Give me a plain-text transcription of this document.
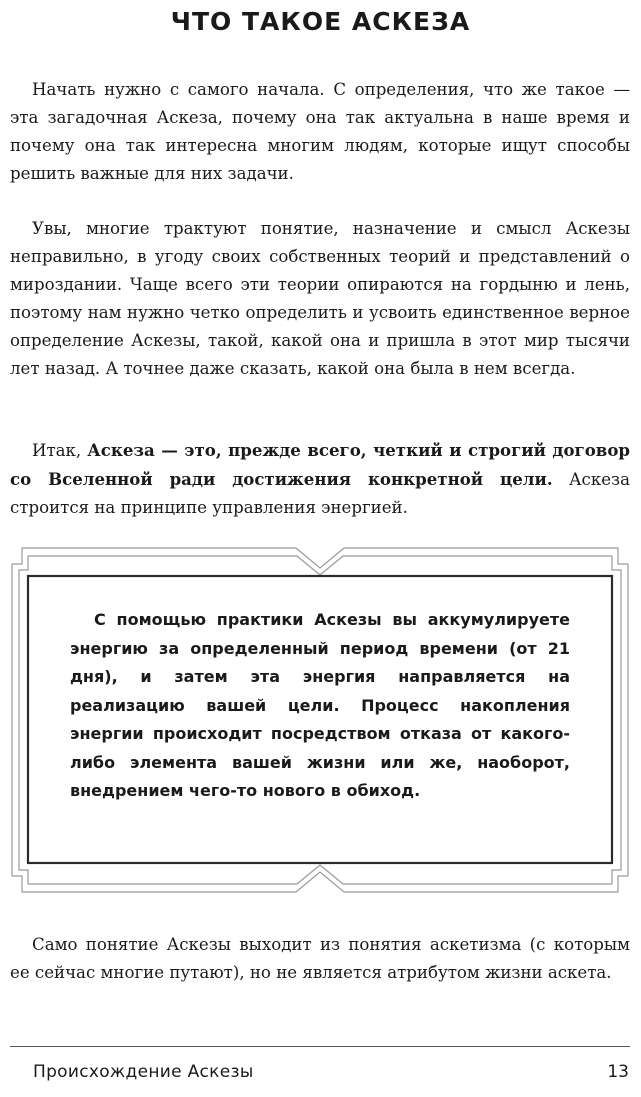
ЧТО ТАКОЕ АСКЕЗА

Начать нужно с самого начала. С определения, что же такое — эта загадочная Аскеза, почему она так актуальна в наше время и почему она так интересна многим людям, которые ищут способы решить важные для них задачи.

Увы, многие трактуют понятие, назначение и смысл Аскезы неправильно, в угоду своих собственных теорий и представлений о мироздании. Чаще всего эти теории опираются на гордыню и лень, поэтому нам нужно четко определить и усвоить единственное верное определение Аскезы, такой, какой она и пришла в этот мир тысячи лет назад. А точнее даже сказать, какой она была в нем всегда.

Итак, Аскеза — это, прежде всего, четкий и строгий договор со Вселенной ради достижения конкретной цели. Аскеза строится на принципе управления энергией.

С помощью практики Аскезы вы аккумулируете энергию за определенный период времени (от 21 дня), и затем эта энергия направляется на реализацию вашей цели. Процесс накопления энергии происходит посредством отказа от какого-либо элемента вашей жизни или же, наоборот, внедрением чего-то нового в обиход.

Само понятие Аскезы выходит из понятия аскетизма (с которым ее сейчас многие путают), но не является атрибутом жизни аскета.

Происхождение Аскезы	13
